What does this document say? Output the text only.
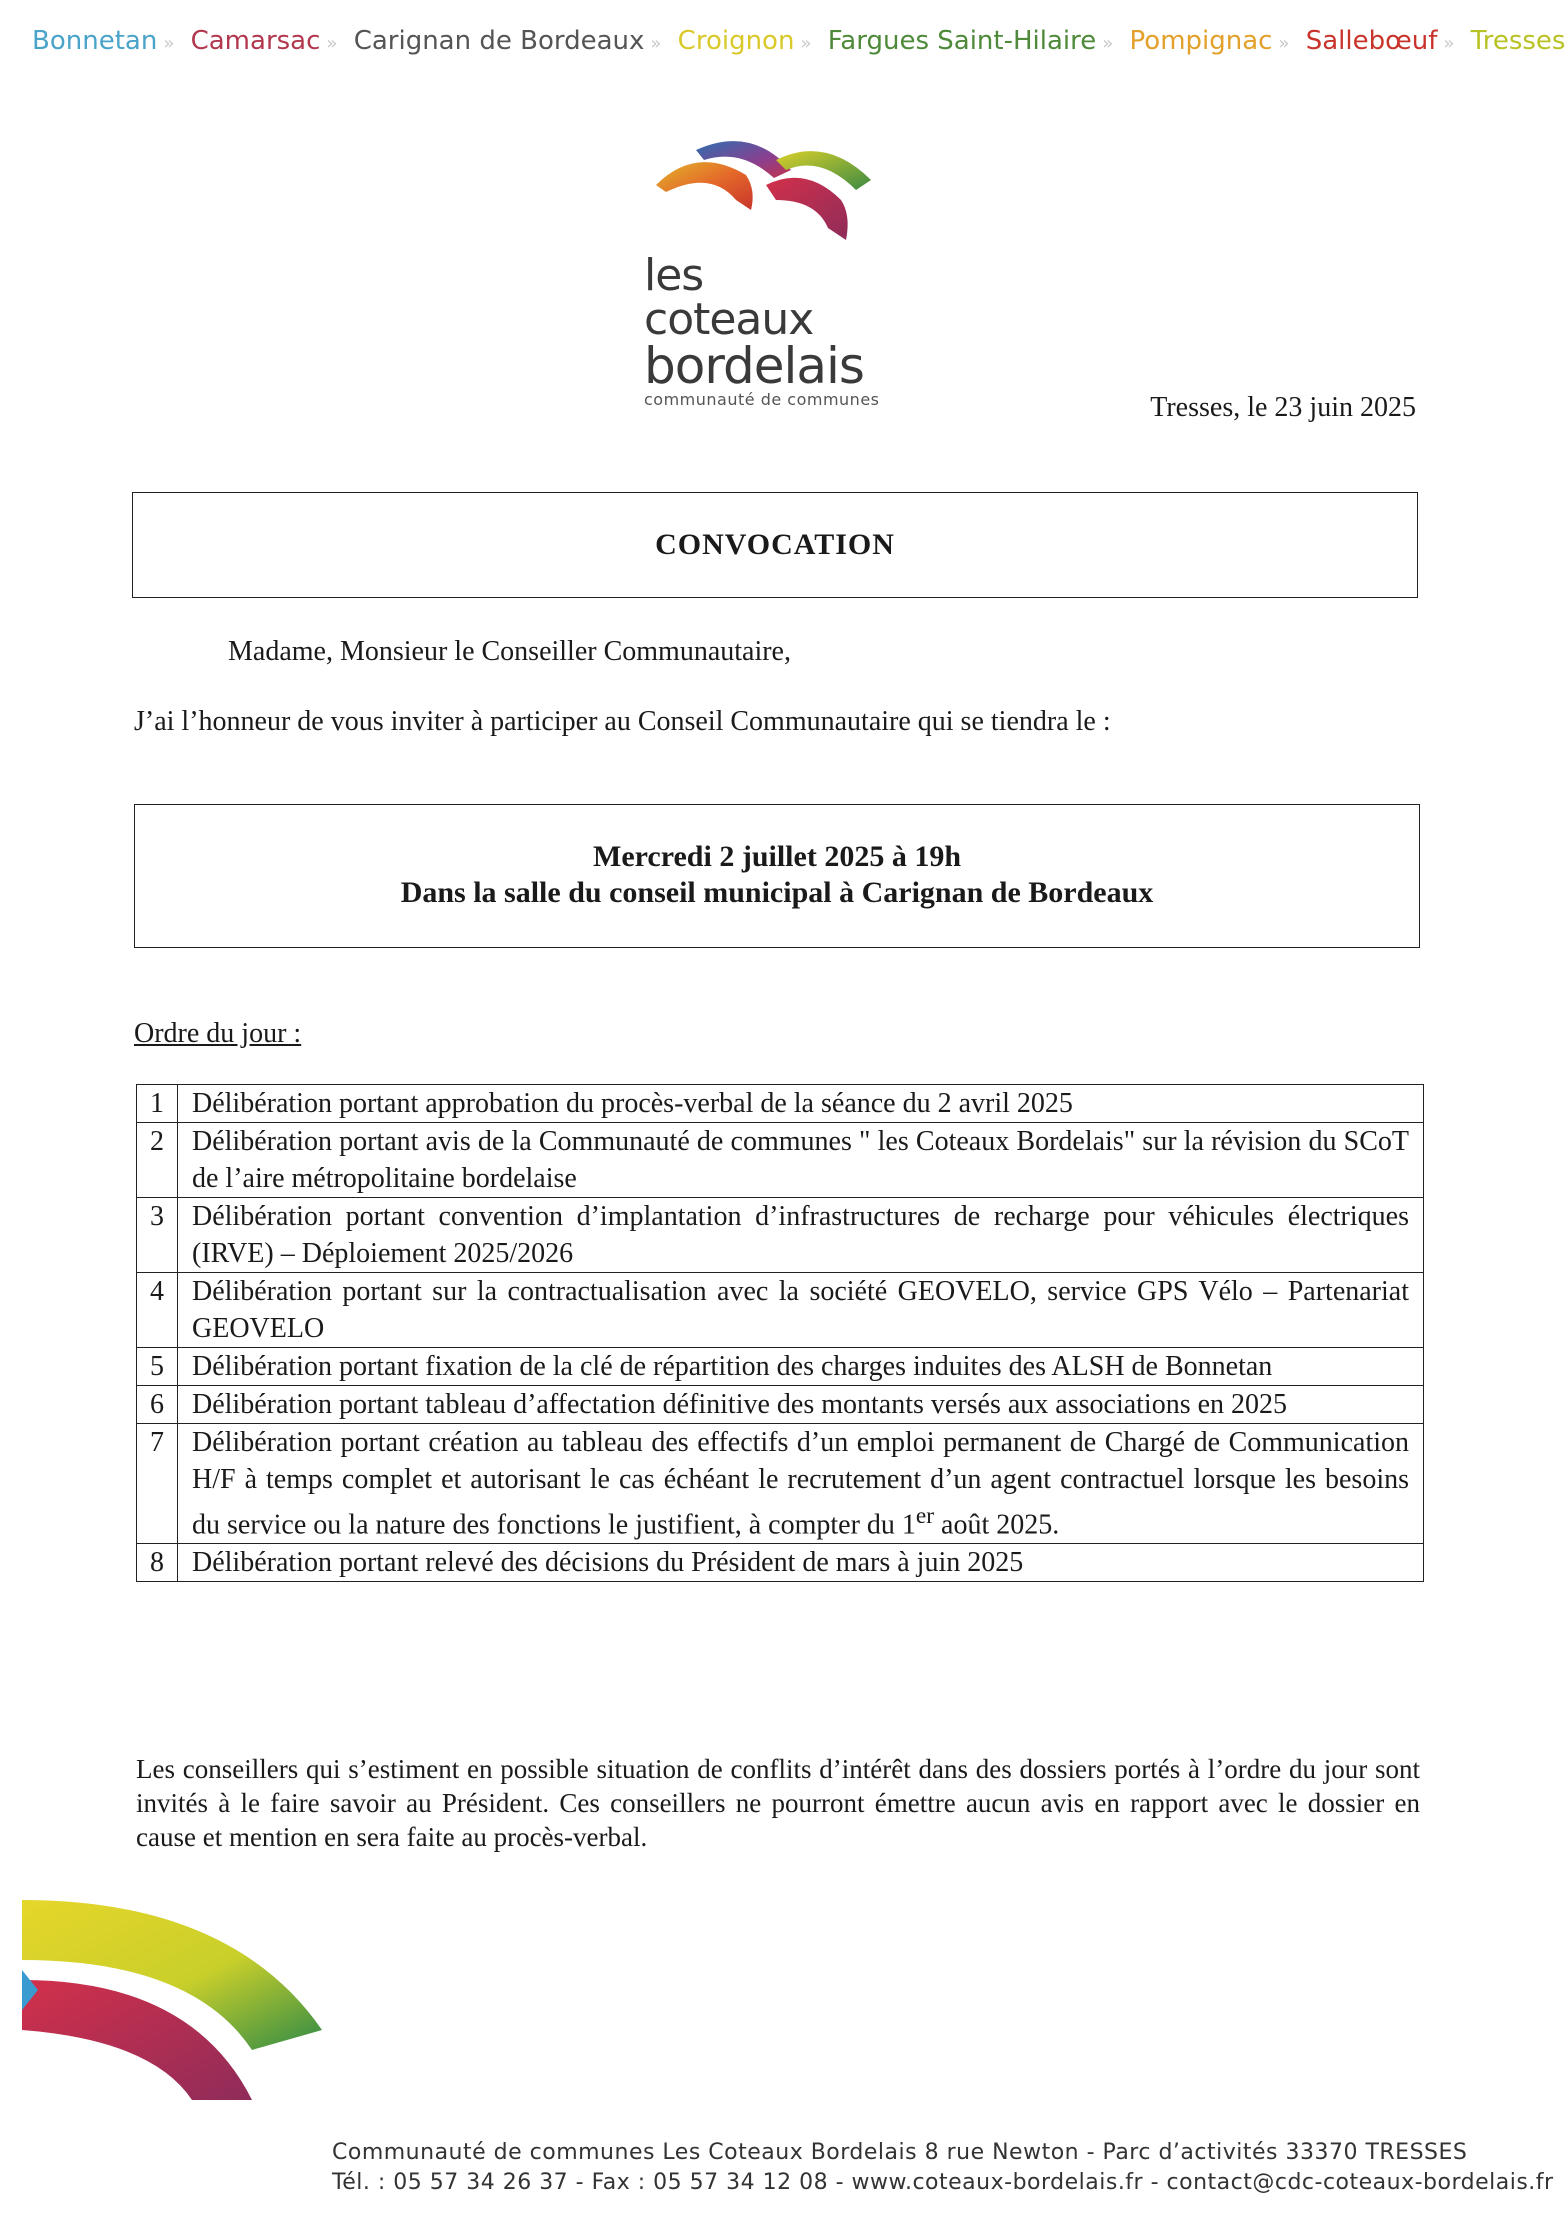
Bonnetan » Camarsac » Carignan de Bordeaux » Croignon » Fargues Saint-Hilaire » Pompignac » Sallebœuf » Tresses
les coteaux
bordelais
communauté de communes	Tresses, le 23 juin 2025
CONVOCATION
Madame, Monsieur le Conseiller Communautaire,
J’ai l’honneur de vous inviter à participer au Conseil Communautaire qui se tiendra le :
Mercredi 2 juillet 2025 à 19h
Dans la salle du conseil municipal à Carignan de Bordeaux
Ordre du jour :
1	Délibération portant approbation du procès-verbal de la séance du 2 avril 2025
2	Délibération portant avis de la Communauté de communes " les Coteaux Bordelais" sur la révision du SCoT de l’aire métropolitaine bordelaise
3	Délibération portant convention d’implantation d’infrastructures de recharge pour véhicules électriques (IRVE) – Déploiement 2025/2026
4	Délibération portant sur la contractualisation avec la société GEOVELO, service GPS Vélo – Partenariat GEOVELO
5	Délibération portant fixation de la clé de répartition des charges induites des ALSH de Bonnetan
6	Délibération portant tableau d’affectation définitive des montants versés aux associations en 2025
7	Délibération portant création au tableau des effectifs d’un emploi permanent de Chargé de Communication H/F à temps complet et autorisant le cas échéant le recrutement d’un agent contractuel lorsque les besoins du service ou la nature des fonctions le justifient, à compter du 1er août 2025.
8	Délibération portant relevé des décisions du Président de mars à juin 2025
Les conseillers qui s’estiment en possible situation de conflits d’intérêt dans des dossiers portés à l’ordre du jour sont invités à le faire savoir au Président. Ces conseillers ne pourront émettre aucun avis en rapport avec le dossier en cause et mention en sera faite au procès-verbal.
Communauté de communes Les Coteaux Bordelais 8 rue Newton - Parc d’activités 33370 TRESSES
Tél. : 05 57 34 26 37 - Fax : 05 57 34 12 08 - www.coteaux-bordelais.fr - contact@cdc-coteaux-bordelais.fr
